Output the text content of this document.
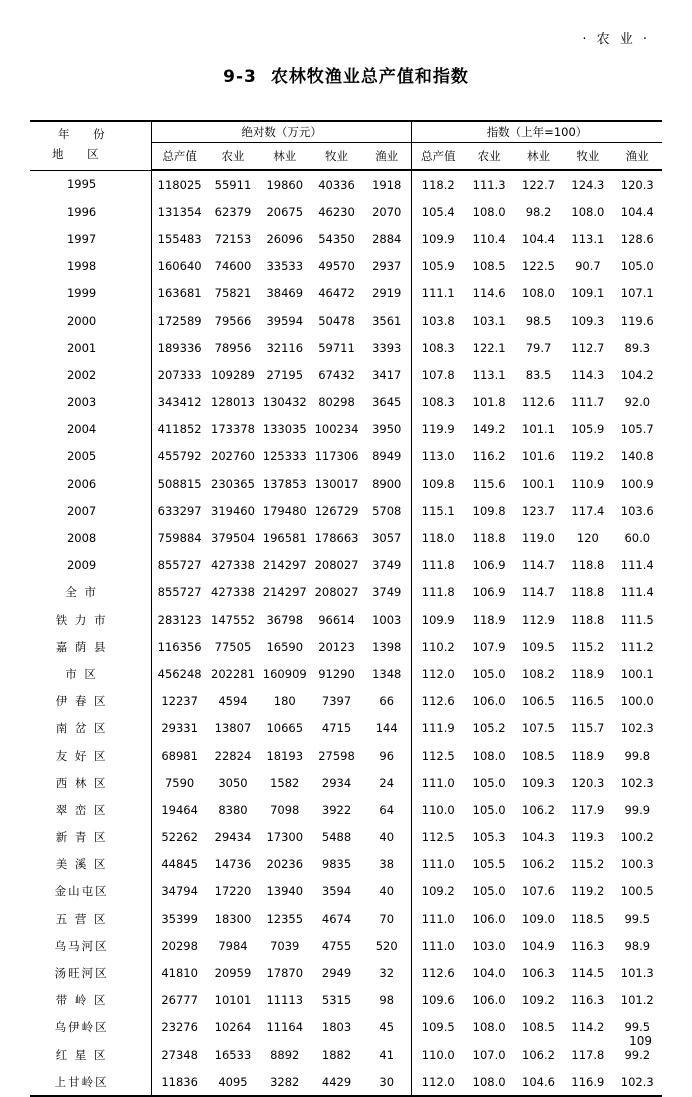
· 农 业 ·
9-3 农林牧渔业总产值和指数
年 份
地 区	绝对数（万元）					指数（上年=100）				
	总产值	农业	林业	牧业	渔业	总产值	农业	林业	牧业	渔业
1995	118025	55911	19860	40336	1918	118.2	111.3	122.7	124.3	120.3
1996	131354	62379	20675	46230	2070	105.4	108.0	98.2	108.0	104.4
1997	155483	72153	26096	54350	2884	109.9	110.4	104.4	113.1	128.6
1998	160640	74600	33533	49570	2937	105.9	108.5	122.5	90.7	105.0
1999	163681	75821	38469	46472	2919	111.1	114.6	108.0	109.1	107.1
2000	172589	79566	39594	50478	3561	103.8	103.1	98.5	109.3	119.6
2001	189336	78956	32116	59711	3393	108.3	122.1	79.7	112.7	89.3
2002	207333	109289	27195	67432	3417	107.8	113.1	83.5	114.3	104.2
2003	343412	128013	130432	80298	3645	108.3	101.8	112.6	111.7	92.0
2004	411852	173378	133035	100234	3950	119.9	149.2	101.1	105.9	105.7
2005	455792	202760	125333	117306	8949	113.0	116.2	101.6	119.2	140.8
2006	508815	230365	137853	130017	8900	109.8	115.6	100.1	110.9	100.9
2007	633297	319460	179480	126729	5708	115.1	109.8	123.7	117.4	103.6
2008	759884	379504	196581	178663	3057	118.0	118.8	119.0	120	60.0
2009	855727	427338	214297	208027	3749	111.8	106.9	114.7	118.8	111.4
全 市	855727	427338	214297	208027	3749	111.8	106.9	114.7	118.8	111.4
铁 力 市	283123	147552	36798	96614	1003	109.9	118.9	112.9	118.8	111.5
嘉 荫 县	116356	77505	16590	20123	1398	110.2	107.9	109.5	115.2	111.2
市 区	456248	202281	160909	91290	1348	112.0	105.0	108.2	118.9	100.1
伊 春 区	12237	4594	180	7397	66	112.6	106.0	106.5	116.5	100.0
南 岔 区	29331	13807	10665	4715	144	111.9	105.2	107.5	115.7	102.3
友 好 区	68981	22824	18193	27598	96	112.5	108.0	108.5	118.9	99.8
西 林 区	7590	3050	1582	2934	24	111.0	105.0	109.3	120.3	102.3
翠 峦 区	19464	8380	7098	3922	64	110.0	105.0	106.2	117.9	99.9
新 青 区	52262	29434	17300	5488	40	112.5	105.3	104.3	119.3	100.2
美 溪 区	44845	14736	20236	9835	38	111.0	105.5	106.2	115.2	100.3
金山屯区	34794	17220	13940	3594	40	109.2	105.0	107.6	119.2	100.5
五 营 区	35399	18300	12355	4674	70	111.0	106.0	109.0	118.5	99.5
乌马河区	20298	7984	7039	4755	520	111.0	103.0	104.9	116.3	98.9
汤旺河区	41810	20959	17870	2949	32	112.6	104.0	106.3	114.5	101.3
带 岭 区	26777	10101	11113	5315	98	109.6	106.0	109.2	116.3	101.2
乌伊岭区	23276	10264	11164	1803	45	109.5	108.0	108.5	114.2	99.5
红 星 区	27348	16533	8892	1882	41	110.0	107.0	106.2	117.8	99.2
上甘岭区	11836	4095	3282	4429	30	112.0	108.0	104.6	116.9	102.3
109
